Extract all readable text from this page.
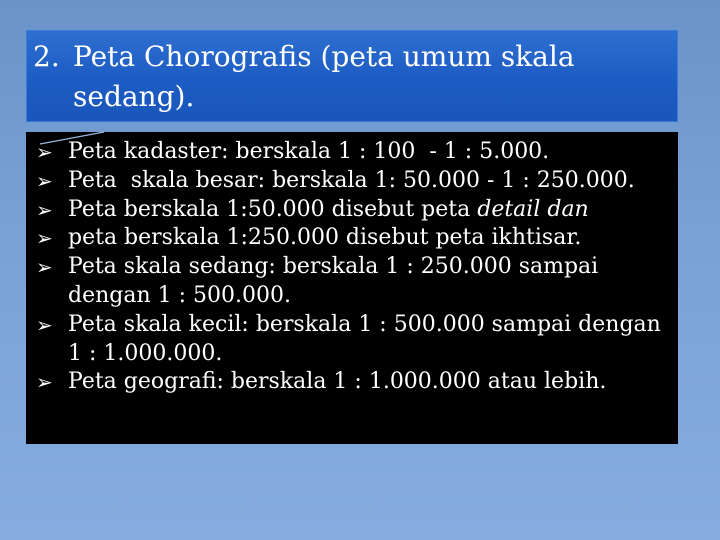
2. Peta Chorografis (peta umum skala sedang).
➢ Peta kadaster: berskala 1 : 100  - 1 : 5.000.
➢ Peta  skala besar: berskala 1: 50.000 - 1 : 250.000.
➢ Peta berskala 1:50.000 disebut peta detail dan
➢ peta berskala 1:250.000 disebut peta ikhtisar.
➢ Peta skala sedang: berskala 1 : 250.000 sampai dengan 1 : 500.000.
➢ Peta skala kecil: berskala 1 : 500.000 sampai dengan 1 : 1.000.000.
➢ Peta geografi: berskala 1 : 1.000.000 atau lebih.
